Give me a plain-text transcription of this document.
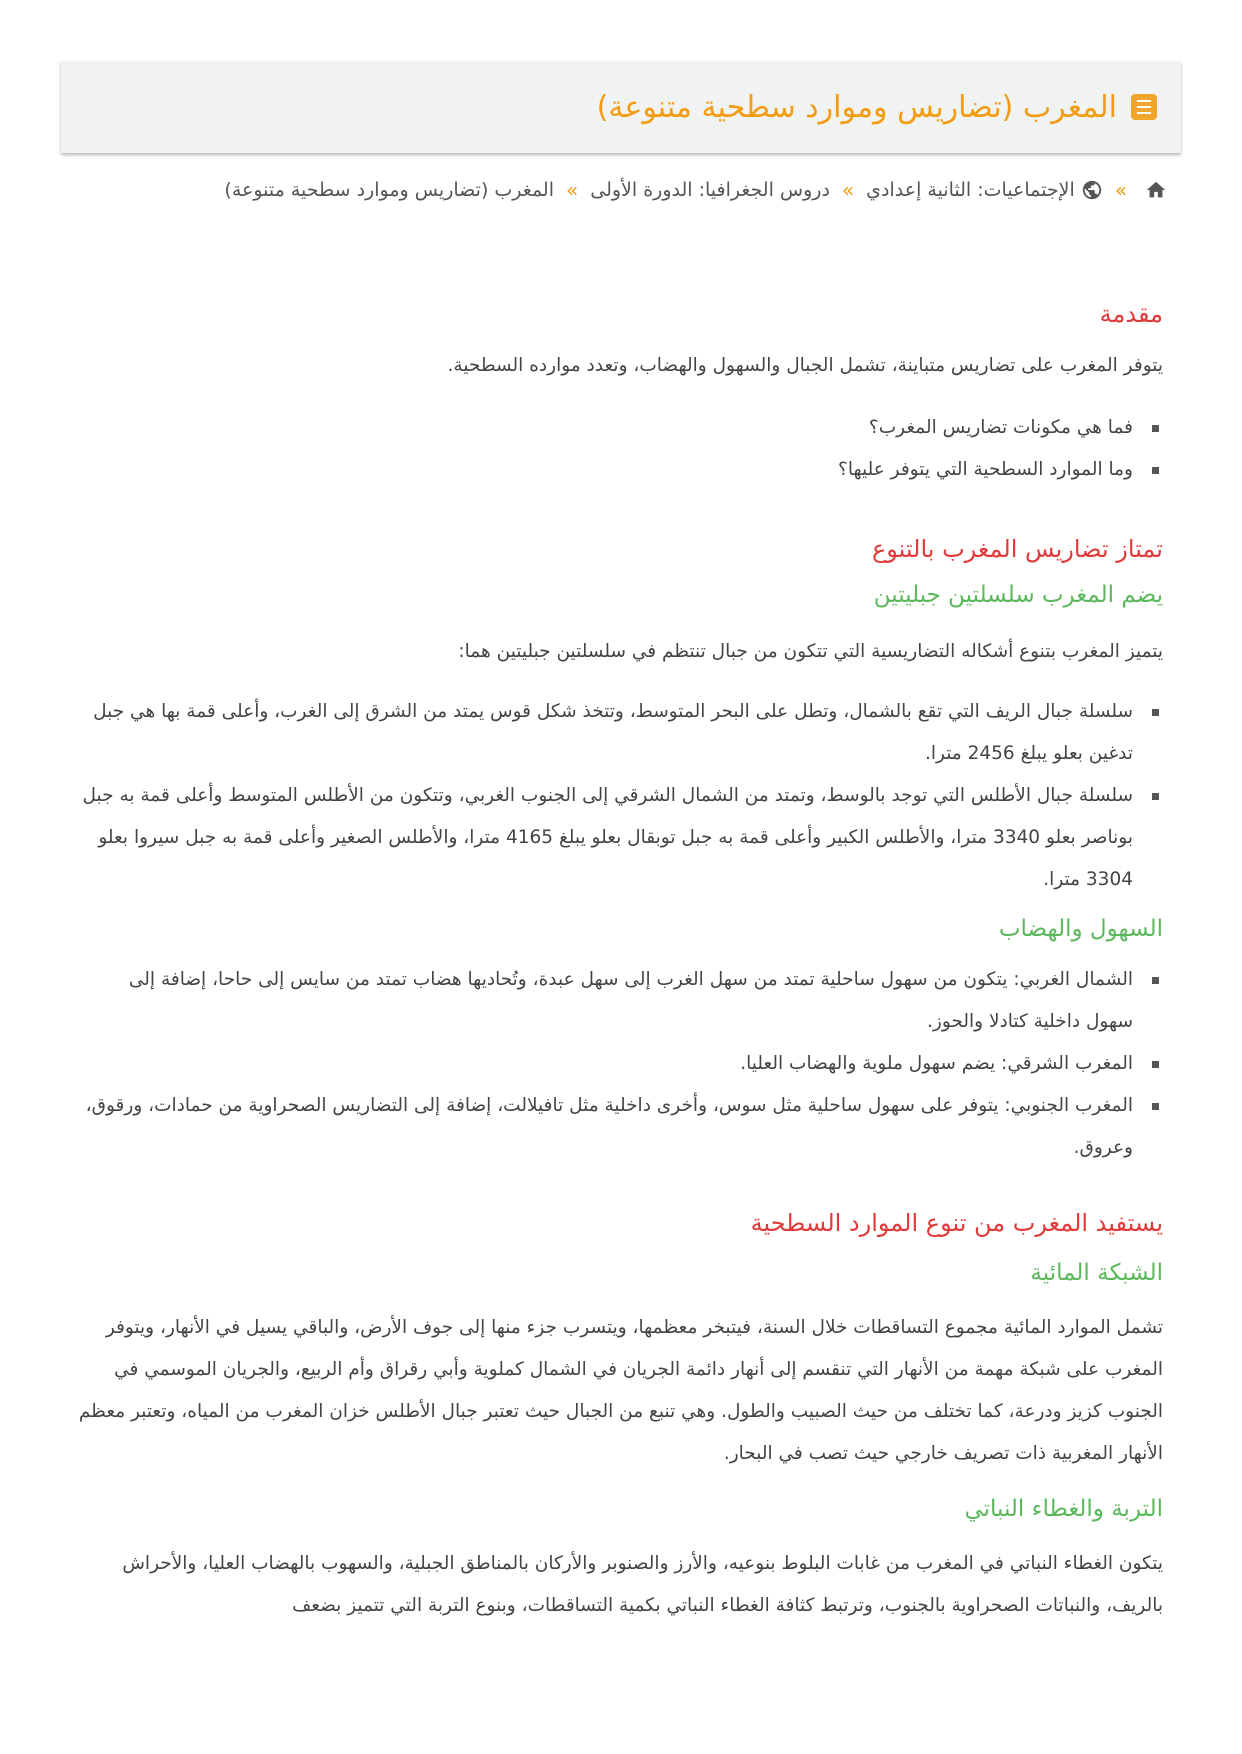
المغرب (تضاريس وموارد سطحية متنوعة)
»
الإجتماعيات: الثانية إعدادي
»
دروس الجغرافيا: الدورة الأولى
»
المغرب (تضاريس وموارد سطحية متنوعة)
مقدمة

يتوفر المغرب على تضاريس متباينة، تشمل الجبال والسهول والهضاب، وتعدد موارده السطحية.

فما هي مكونات تضاريس المغرب؟
وما الموارد السطحية التي يتوفر عليها؟
تمتاز تضاريس المغرب بالتنوع
يضم المغرب سلسلتين جبليتين

يتميز المغرب بتنوع أشكاله التضاريسية التي تتكون من جبال تنتظم في سلسلتين جبليتين هما:

سلسلة جبال الريف التي تقع بالشمال، وتطل على البحر المتوسط، وتتخذ شكل قوس يمتد من الشرق إلى الغرب، وأعلى قمة بها هي جبل تدغين بعلو يبلغ 2456 مترا.
سلسلة جبال الأطلس التي توجد بالوسط، وتمتد من الشمال الشرقي إلى الجنوب الغربي، وتتكون من الأطلس المتوسط وأعلى قمة به جبل بوناصر بعلو 3340 مترا، والأطلس الكبير وأعلى قمة به جبل توبقال بعلو يبلغ 4165 مترا، والأطلس الصغير وأعلى قمة به جبل سيروا بعلو 3304 مترا.
السهول والهضاب
الشمال الغربي: يتكون من سهول ساحلية تمتد من سهل الغرب إلى سهل عبدة، وتُحاديها هضاب تمتد من سايس إلى حاحا، إضافة إلى سهول داخلية كتادلا والحوز.
المغرب الشرقي: يضم سهول ملوية والهضاب العليا.
المغرب الجنوبي: يتوفر على سهول ساحلية مثل سوس، وأخرى داخلية مثل تافيلالت، إضافة إلى التضاريس الصحراوية من حمادات، ورقوق، وعروق.
يستفيد المغرب من تنوع الموارد السطحية
الشبكة المائية

تشمل الموارد المائية مجموع التساقطات خلال السنة، فيتبخر معظمها، ويتسرب جزء منها إلى جوف الأرض، والباقي يسيل في الأنهار، ويتوفر المغرب على شبكة مهمة من الأنهار التي تنقسم إلى أنهار دائمة الجريان في الشمال كملوية وأبي رقراق وأم الربيع، والجريان الموسمي في الجنوب كزيز ودرعة، كما تختلف من حيث الصبيب والطول. وهي تنبع من الجبال حيث تعتبر جبال الأطلس خزان المغرب من المياه، وتعتبر معظم الأنهار المغربية ذات تصريف خارجي حيث تصب في البحار.

التربة والغطاء النباتي

يتكون الغطاء النباتي في المغرب من غابات البلوط بنوعيه، والأرز والصنوبر والأركان بالمناطق الجبلية، والسهوب بالهضاب العليا، والأحراش بالريف، والنباتات الصحراوية بالجنوب، وترتبط كثافة الغطاء النباتي بكمية التساقطات، وبنوع التربة التي تتميز بضعف
